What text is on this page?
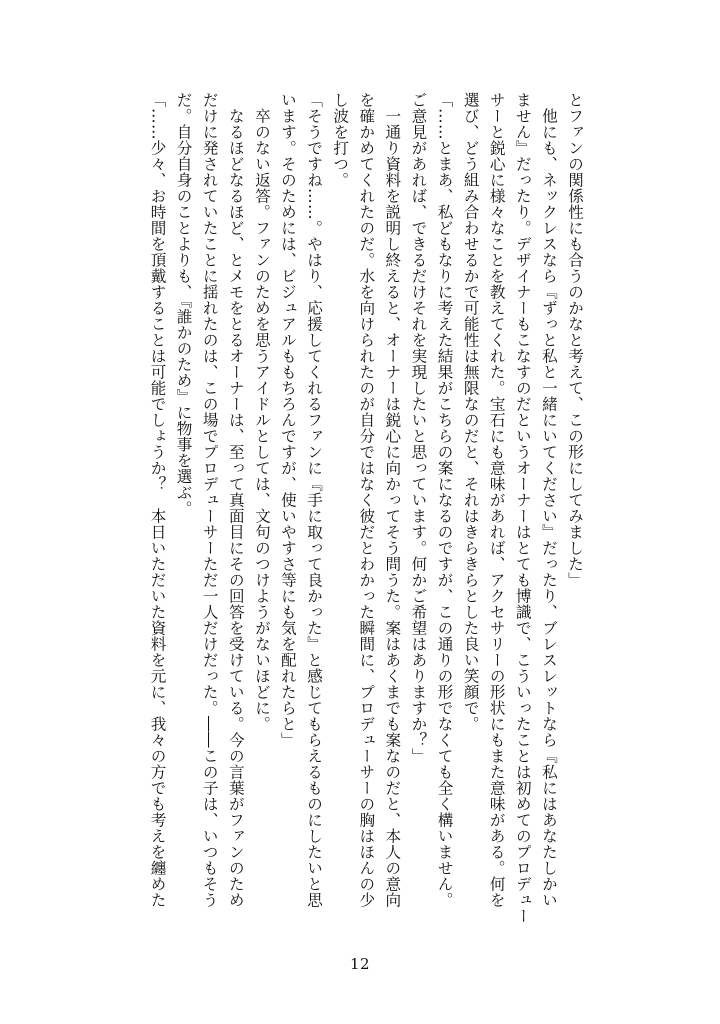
とファンの関係性にも合うのかなと考えて、この形にしてみました」

　他にも、ネックレスなら『ずっと私と一緒にいてください』だったり、ブレスレットなら『私にはあなたしかい

ません』だったり。デザイナーもこなすのだというオーナーはとても博識で、こういったことは初めてのプロデュー

サーと鋭心に様々なことを教えてくれた。宝石にも意味があれば、アクセサリーの形状にもまた意味がある。何を

選び、どう組み合わせるかで可能性は無限なのだと、それはきらきらとした良い笑顔で。

「……とまあ、私どもなりに考えた結果がこちらの案になるのですが、この通りの形でなくても全く構いません。

ご意見があれば、できるだけそれを実現したいと思っています。何かご希望はありますか？」

　一通り資料を説明し終えると、オーナーは鋭心に向かってそう問うた。案はあくまでも案なのだと、本人の意向

を確かめてくれたのだ。水を向けられたのが自分ではなく彼だとわかった瞬間に、プロデューサーの胸はほんの少

し波を打つ。

「そうですね……。やはり、応援してくれるファンに『手に取って良かった』と感じてもらえるものにしたいと思

います。そのためには、ビジュアルももちろんですが、使いやすさ等にも気を配れたらと」

　卒のない返答。ファンのためを思うアイドルとしては、文句のつけようがないほどに。

　なるほどなるほど、とメモをとるオーナーは、至って真面目にその回答を受けている。今の言葉がファンのため

だけに発されていたことに揺れたのは、この場でプロデューサーただ一人だけだった。――この子は、いつもそう

だ。自分自身のことよりも、『誰かのため』に物事を選ぶ。

「……少々、お時間を頂戴することは可能でしょうか？　本日いただいた資料を元に、我々の方でも考えを纏めた

12
